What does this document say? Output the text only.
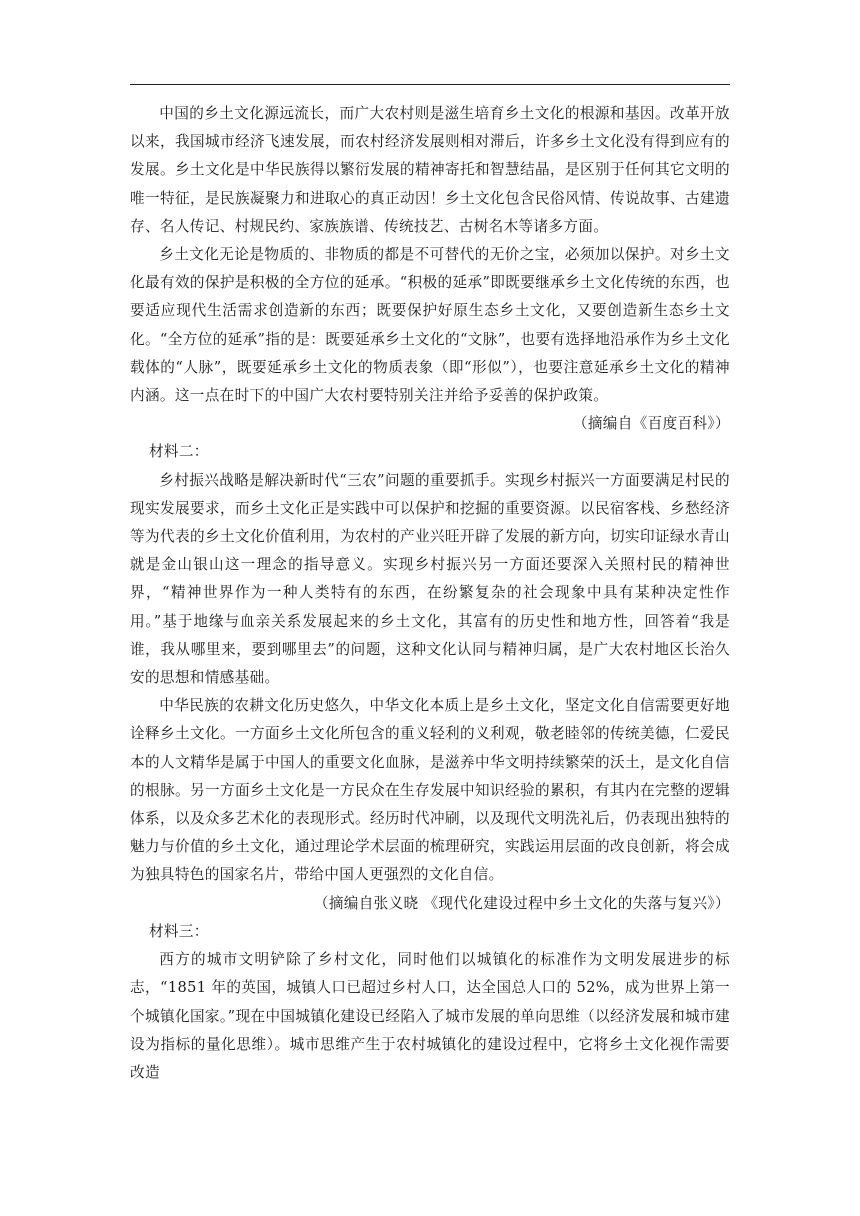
中国的乡土文化源远流长，而广大农村则是滋生培育乡土文化的根源和基因。改革开放以来，我国城市经济飞速发展，而农村经济发展则相对滞后，许多乡土文化没有得到应有的发展。乡土文化是中华民族得以繁衍发展的精神寄托和智慧结晶，是区别于任何其它文明的唯一特征，是民族凝聚力和进取心的真正动因！乡土文化包含民俗风情、传说故事、古建遗存、名人传记、村规民约、家族族谱、传统技艺、古树名木等诸多方面。

乡土文化无论是物质的、非物质的都是不可替代的无价之宝，必须加以保护。对乡土文化最有效的保护是积极的全方位的延承。“积极的延承”即既要继承乡土文化传统的东西，也要适应现代生活需求创造新的东西；既要保护好原生态乡土文化，又要创造新生态乡土文化。“全方位的延承”指的是：既要延承乡土文化的“文脉”，也要有选择地沿承作为乡土文化载体的“人脉”，既要延承乡土文化的物质表象（即“形似”），也要注意延承乡土文化的精神内涵。这一点在时下的中国广大农村要特别关注并给予妥善的保护政策。

（摘编自《百度百科》）

材料二：

乡村振兴战略是解决新时代“三农”问题的重要抓手。实现乡村振兴一方面要满足村民的现实发展要求，而乡土文化正是实践中可以保护和挖掘的重要资源。以民宿客栈、乡愁经济等为代表的乡土文化价值利用，为农村的产业兴旺开辟了发展的新方向，切实印证绿水青山就是金山银山这一理念的指导意义。实现乡村振兴另一方面还要深入关照村民的精神世界，“精神世界作为一种人类特有的东西，在纷繁复杂的社会现象中具有某种决定性作用。”基于地缘与血亲关系发展起来的乡土文化，其富有的历史性和地方性，回答着“我是谁，我从哪里来，要到哪里去”的问题，这种文化认同与精神归属，是广大农村地区长治久安的思想和情感基础。

中华民族的农耕文化历史悠久，中华文化本质上是乡土文化，坚定文化自信需要更好地诠释乡土文化。一方面乡土文化所包含的重义轻利的义利观，敬老睦邻的传统美德，仁爱民本的人文精华是属于中国人的重要文化血脉，是滋养中华文明持续繁荣的沃土，是文化自信的根脉。另一方面乡土文化是一方民众在生存发展中知识经验的累积，有其内在完整的逻辑体系，以及众多艺术化的表现形式。经历时代冲刷，以及现代文明洗礼后，仍表现出独特的魅力与价值的乡土文化，通过理论学术层面的梳理研究，实践运用层面的改良创新，将会成为独具特色的国家名片，带给中国人更强烈的文化自信。

（摘编自张义晓 《现代化建设过程中乡土文化的失落与复兴》）

材料三：

西方的城市文明铲除了乡村文化，同时他们以城镇化的标准作为文明发展进步的标志，“1851 年的英国，城镇人口已超过乡村人口，达全国总人口的 52%，成为世界上第一个城镇化国家。”现在中国城镇化建设已经陷入了城市发展的单向思维（以经济发展和城市建设为指标的量化思维）。城市思维产生于农村城镇化的建设过程中，它将乡土文化视作需要改造
